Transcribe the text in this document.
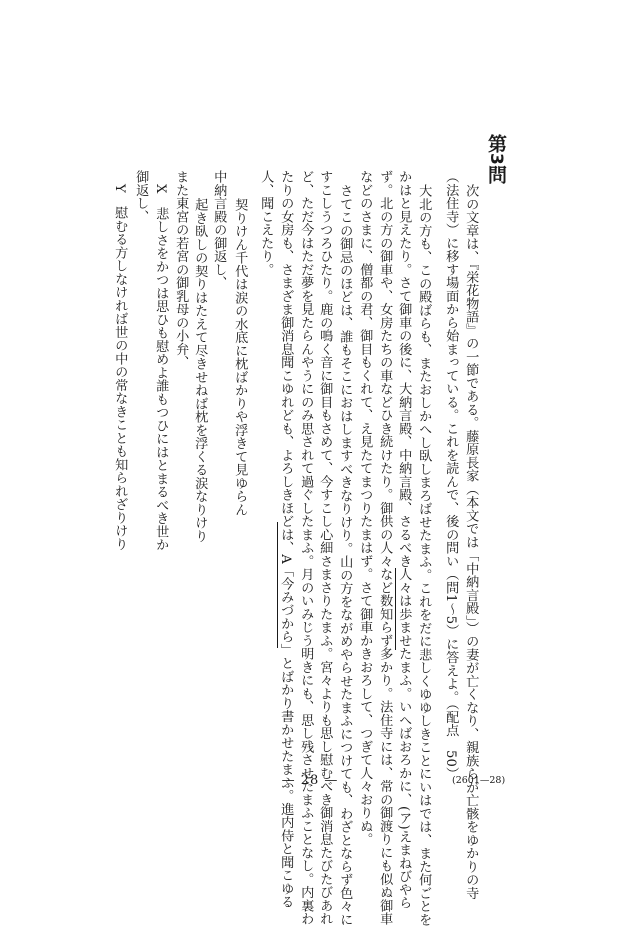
第3問
次の文章は、『栄花物語』の一節である。藤原長家（本文では「中納言殿」）の妻が亡くなり、親族らが亡骸をゆかりの寺
（法住寺）に移す場面から始まっている。これを読んで、後の問い（問1～5）に答えよ。（配点　50）
大北の方も、この殿ばらも、またおしかへし臥しまろばせたまふ。これをだに悲しくゆゆしきことにいはでは、また何ごとを
かはと見えたり。さて御車の後に、大納言殿、中納言殿、さるべき人々は歩ませたまふ。いへばおろかに、(ア)えまねびやら
ず。北の方の御車や、女房たちの車などひき続けたり。御供の人々など数知らず多かり。法住寺には、常の御渡りにも似ぬ御車
などのさまに、僧都の君、御目もくれて、え見たてまつりたまはず。さて御車かきおろして、つぎて人々おりぬ。
さてこの御忌のほどは、誰もそこにおはしますべきなりけり。山の方をながめやらせたまふにつけても、わざとならず色々に
すこしうつろひたり。鹿の鳴く音に御目もさめて、今すこし心細さまさりたまふ。宮々よりも思し慰むべき御消息たびたびあれ
ど、ただ今はただ夢を見たらんやうにのみ思されて過ぐしたまふ。月のいみじう明きにも、思し残させたまふことなし。内裏わ
たりの女房も、さまざま御消息聞こゆれども、よろしきほどは、A「今みづから」とばかり書かせたまふ。進内侍と聞こゆる
人、聞こえたり。
契りけん千代は涙の水底に枕ばかりや浮きて見ゆらん
中納言殿の御返し、
起き臥しの契りはたえて尽きせねば枕を浮くる涙なりけり
また東宮の若宮の御乳母の小弁、
X　悲しさをかつは思ひも慰めよ誰もつひにはとまるべき世か
御返し、
Y　慰むる方しなければ世の中の常なきことも知られざりけり
— 28 —	(2601—28)
